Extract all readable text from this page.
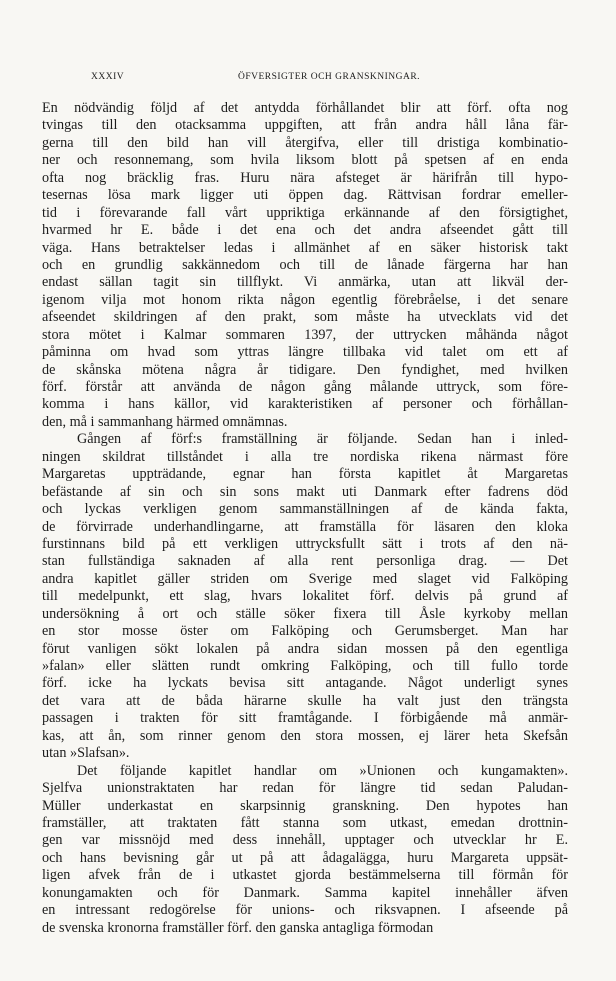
XXXIV	ÖFVERSIGTER OCH GRANSKNINGAR.
En nödvändig följd af det antydda förhållandet blir att förf. ofta nog
tvingas till den otacksamma uppgiften, att från andra håll låna fär-
gerna till den bild han vill återgifva, eller till dristiga kombinatio-
ner och resonnemang, som hvila liksom blott på spetsen af en enda
ofta nog bräcklig fras. Huru nära afsteget är härifrån till hypo-
tesernas lösa mark ligger uti öppen dag. Rättvisan fordrar emeller-
tid i förevarande fall vårt uppriktiga erkännande af den försigtighet,
hvarmed hr E. både i det ena och det andra afseendet gått till
väga. Hans betraktelser ledas i allmänhet af en säker historisk takt
och en grundlig sakkännedom och till de lånade färgerna har han
endast sällan tagit sin tillflykt. Vi anmärka, utan att likväl der-
igenom vilja mot honom rikta någon egentlig förebråelse, i det senare
afseendet skildringen af den prakt, som måste ha utvecklats vid det
stora mötet i Kalmar sommaren 1397, der uttrycken måhända något
påminna om hvad som yttras längre tillbaka vid talet om ett af
de skånska mötena några år tidigare. Den fyndighet, med hvilken
förf. förstår att använda de någon gång målande uttryck, som före-
komma i hans källor, vid karakteristiken af personer och förhållan-
den, må i sammanhang härmed omnämnas.
Gången af förf:s framställning är följande. Sedan han i inled-
ningen skildrat tillståndet i alla tre nordiska rikena närmast före
Margaretas uppträdande, egnar han första kapitlet åt Margaretas
befästande af sin och sin sons makt uti Danmark efter fadrens död
och lyckas verkligen genom sammanställningen af de kända fakta,
de förvirrade underhandlingarne, att framställa för läsaren den kloka
furstinnans bild på ett verkligen uttrycksfullt sätt i trots af den nä-
stan fullständiga saknaden af alla rent personliga drag. — Det
andra kapitlet gäller striden om Sverige med slaget vid Falköping
till medelpunkt, ett slag, hvars lokalitet förf. delvis på grund af
undersökning å ort och ställe söker fixera till Åsle kyrkoby mellan
en stor mosse öster om Falköping och Gerumsberget. Man har
förut vanligen sökt lokalen på andra sidan mossen på den egentliga
»falan» eller slätten rundt omkring Falköping, och till fullo torde
förf. icke ha lyckats bevisa sitt antagande. Något underligt synes
det vara att de båda härarne skulle ha valt just den trängsta
passagen i trakten för sitt framtågande. I förbigående må anmär-
kas, att ån, som rinner genom den stora mossen, ej lärer heta Skefsån
utan »Slafsan».
Det följande kapitlet handlar om »Unionen och kungamakten».
Sjelfva unionstraktaten har redan för längre tid sedan Paludan-
Müller underkastat en skarpsinnig granskning. Den hypotes han
framställer, att traktaten fått stanna som utkast, emedan drottnin-
gen var missnöjd med dess innehåll, upptager och utvecklar hr E.
och hans bevisning går ut på att ådagalägga, huru Margareta uppsät-
ligen afvek från de i utkastet gjorda bestämmelserna till förmån för
konungamakten och för Danmark. Samma kapitel innehåller äfven
en intressant redogörelse för unions- och riksvapnen. I afseende på
de svenska kronorna framställer förf. den ganska antagliga förmodan
